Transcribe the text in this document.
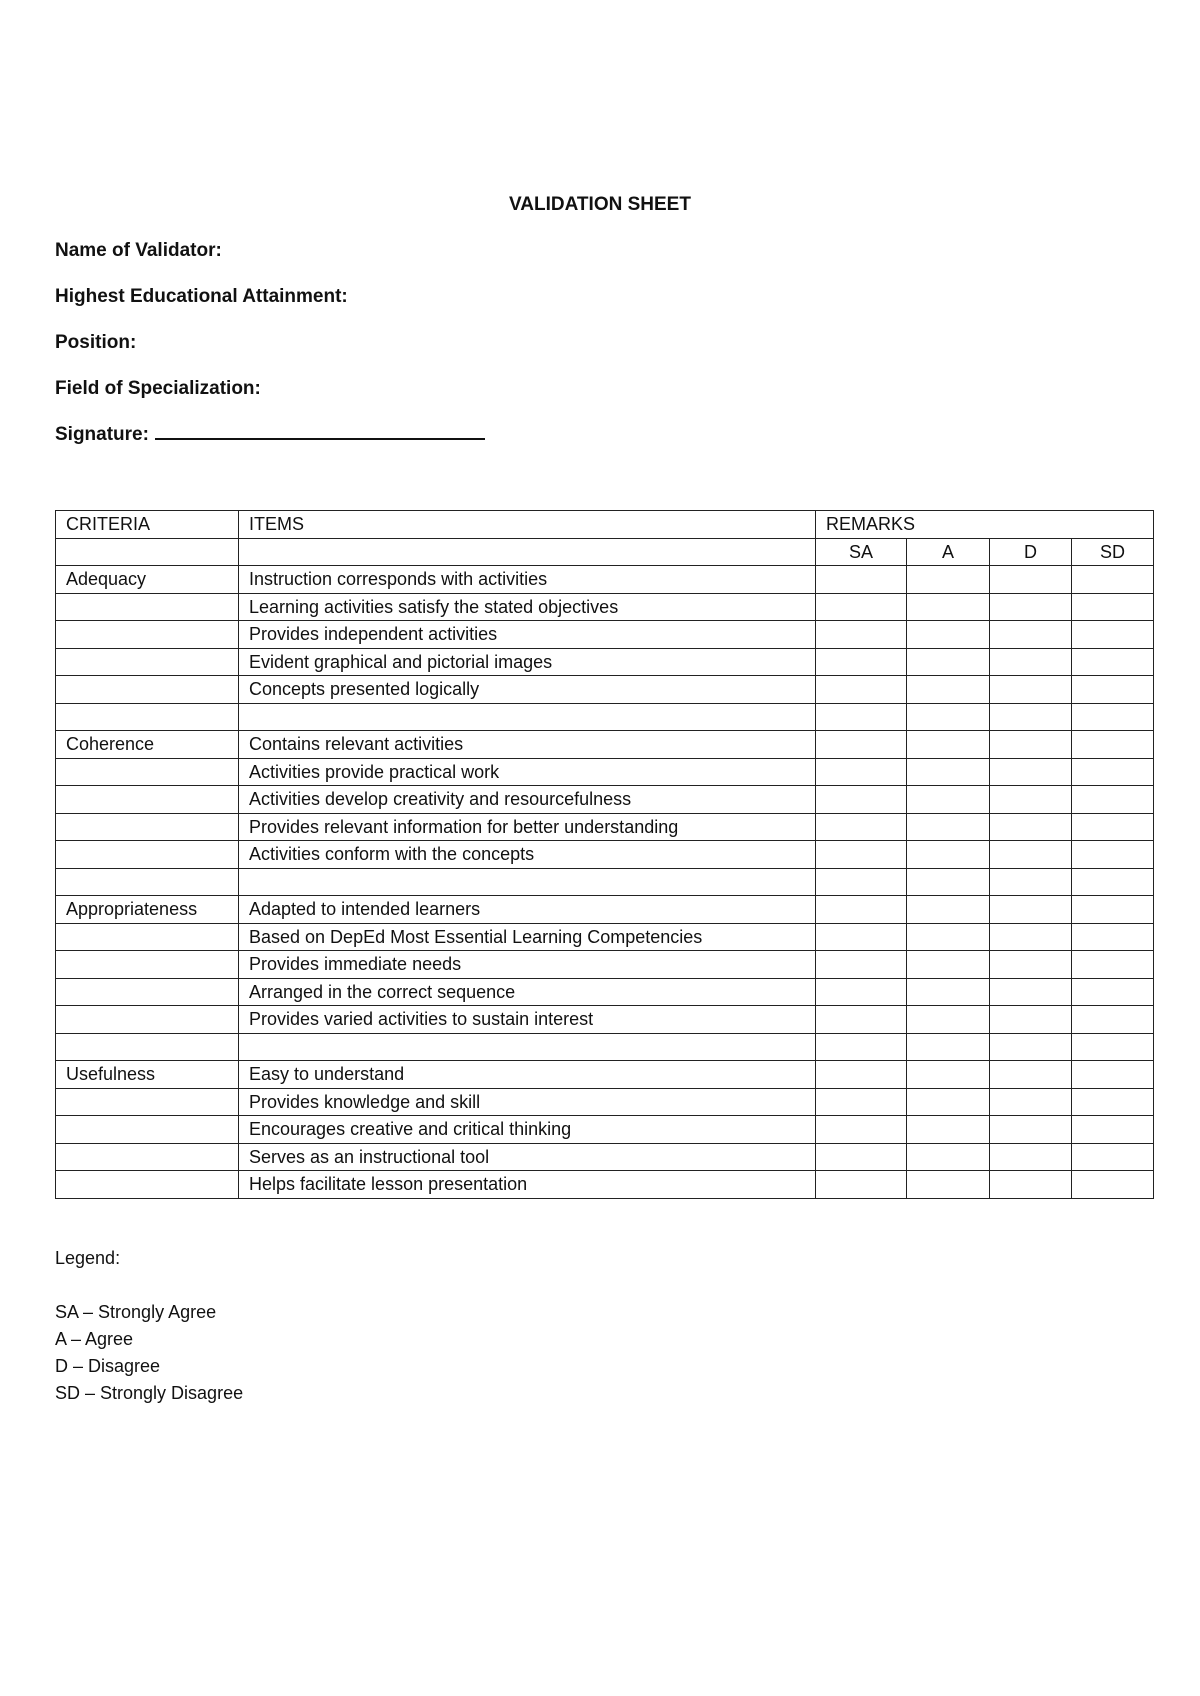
VALIDATION SHEET
Name of Validator:
Highest Educational Attainment:
Position:
Field of Specialization:
Signature:
CRITERIA	ITEMS	REMARKS			
		SA	A	D	SD
Adequacy	Instruction corresponds with activities				
	Learning activities satisfy the stated objectives				
	Provides independent activities				
	Evident graphical and pictorial images				
	Concepts presented logically				

Coherence	Contains relevant activities				
	Activities provide practical work				
	Activities develop creativity and resourcefulness				
	Provides relevant information for better understanding				
	Activities conform with the concepts				

Appropriateness	Adapted to intended learners				
	Based on DepEd Most Essential Learning Competencies				
	Provides immediate needs				
	Arranged in the correct sequence				
	Provides varied activities to sustain interest				

Usefulness	Easy to understand				
	Provides knowledge and skill				
	Encourages creative and critical thinking				
	Serves as an instructional tool				
	Helps facilitate lesson presentation				
Legend:
SA – Strongly Agree
A – Agree
D – Disagree
SD – Strongly Disagree
